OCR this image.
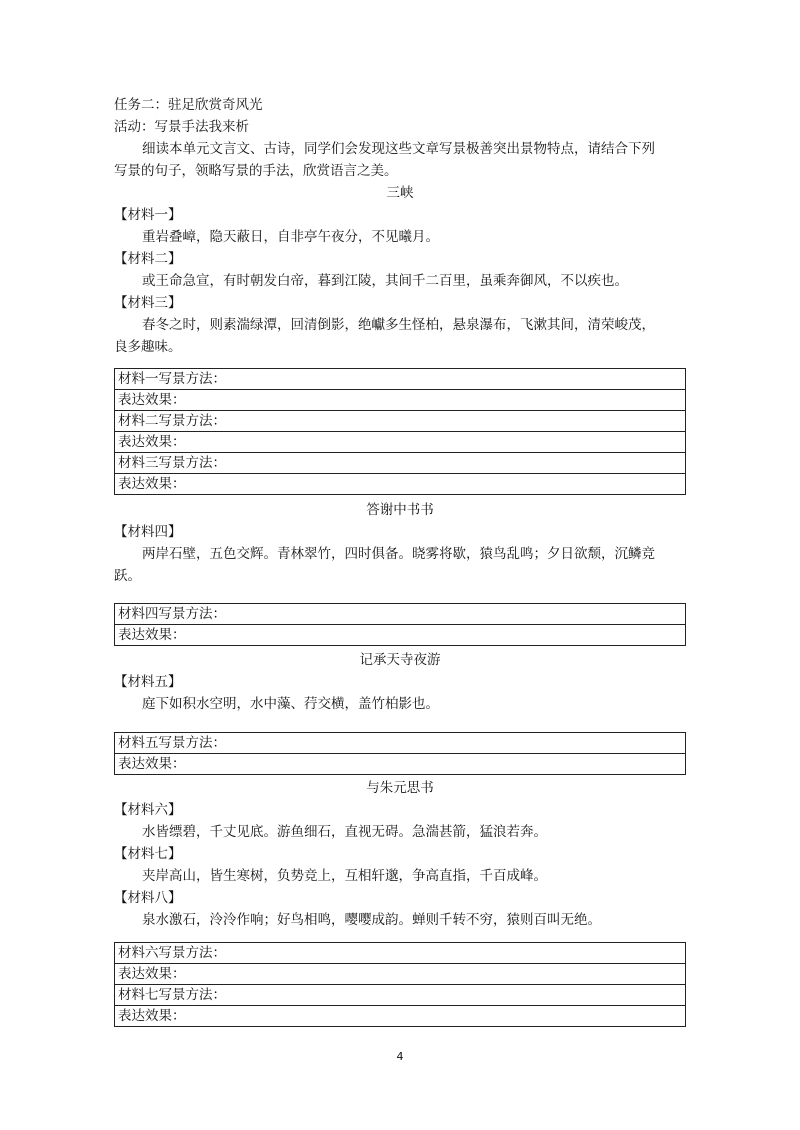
任务二：驻足欣赏奇风光
活动：写景手法我来析
细读本单元文言文、古诗，同学们会发现这些文章写景极善突出景物特点，请结合下列
写景的句子，领略写景的手法，欣赏语言之美。
三峡
【材料一】
重岩叠嶂，隐天蔽日，自非亭午夜分，不见曦月。
【材料二】
或王命急宣，有时朝发白帝，暮到江陵，其间千二百里，虽乘奔御风，不以疾也。
【材料三】
春冬之时，则素湍绿潭，回清倒影，绝巘多生怪柏，悬泉瀑布，飞漱其间，清荣峻茂，
良多趣味。
材料一写景方法：
表达效果：
材料二写景方法：
表达效果：
材料三写景方法：
表达效果：
答谢中书书
【材料四】
两岸石壁，五色交辉。青林翠竹，四时俱备。晓雾将歇，猿鸟乱鸣；夕日欲颓，沉鳞竞
跃。
材料四写景方法：
表达效果：
记承天寺夜游
【材料五】
庭下如积水空明，水中藻、荇交横，盖竹柏影也。
材料五写景方法：
表达效果：
与朱元思书
【材料六】
水皆缥碧，千丈见底。游鱼细石，直视无碍。急湍甚箭，猛浪若奔。
【材料七】
夹岸高山，皆生寒树，负势竞上，互相轩邈，争高直指，千百成峰。
【材料八】
泉水激石，泠泠作响；好鸟相鸣，嘤嘤成韵。蝉则千转不穷，猿则百叫无绝。
材料六写景方法：
表达效果：
材料七写景方法：
表达效果：
4
